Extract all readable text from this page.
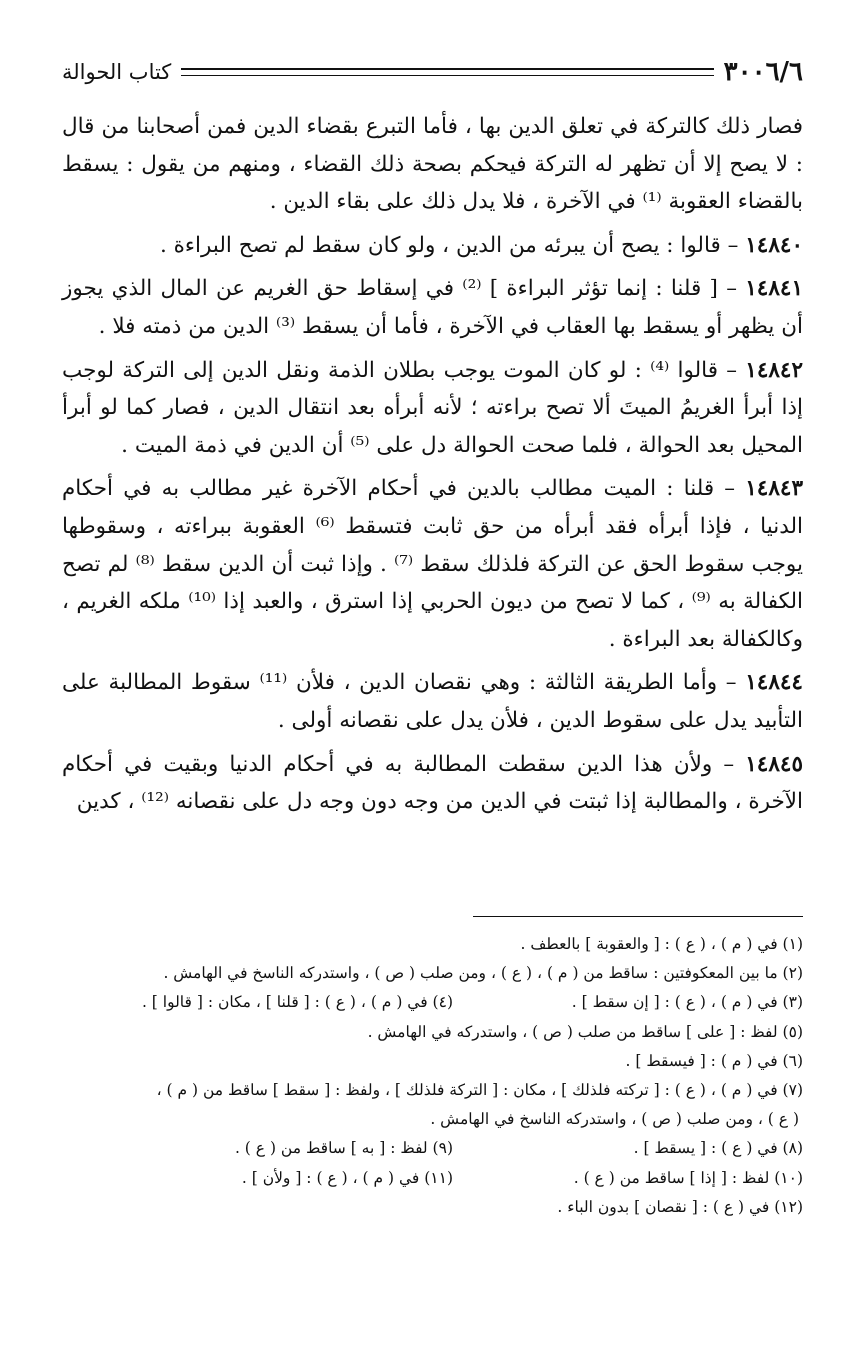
٣٠٠٦/٦
كتاب الحوالة

فصار ذلك كالتركة في تعلق الدين بها ، فأما التبرع بقضاء الدين فمن أصحابنا من قال : لا يصح إلا أن تظهر له التركة فيحكم بصحة ذلك القضاء ، ومنهم من يقول : يسقط بالقضاء العقوبة ⁽¹⁾ في الآخرة ، فلا يدل ذلك على بقاء الدين .

١٤٨٤٠ – قالوا : يصح أن يبرئه من الدين ، ولو كان سقط لم تصح البراءة .

١٤٨٤١ – [ قلنا : إنما تؤثر البراءة ] ⁽²⁾ في إسقاط حق الغريم عن المال الذي يجوز أن يظهر أو يسقط بها العقاب في الآخرة ، فأما أن يسقط ⁽³⁾ الدين من ذمته فلا .

١٤٨٤٢ – قالوا ⁽⁴⁾ : لو كان الموت يوجب بطلان الذمة ونقل الدين إلى التركة لوجب إذا أبرأ الغريمُ الميتَ ألا تصح براءته ؛ لأنه أبرأه بعد انتقال الدين ، فصار كما لو أبرأ المحيل بعد الحوالة ، فلما صحت الحوالة دل على ⁽⁵⁾ أن الدين في ذمة الميت .

١٤٨٤٣ – قلنا : الميت مطالب بالدين في أحكام الآخرة غير مطالب به في أحكام الدنيا ، فإذا أبرأه فقد أبرأه من حق ثابت فتسقط ⁽⁶⁾ العقوبة ببراءته ، وسقوطها يوجب سقوط الحق عن التركة فلذلك سقط ⁽⁷⁾ . وإذا ثبت أن الدين سقط ⁽⁸⁾ لم تصح الكفالة به ⁽⁹⁾ ، كما لا تصح من ديون الحربي إذا استرق ، والعبد إذا ⁽¹⁰⁾ ملكه الغريم ، وكالكفالة بعد البراءة .

١٤٨٤٤ – وأما الطريقة الثالثة : وهي نقصان الدين ، فلأن ⁽¹¹⁾ سقوط المطالبة على التأبيد يدل على سقوط الدين ، فلأن يدل على نقصانه أولى .

١٤٨٤٥ – ولأن هذا الدين سقطت المطالبة به في أحكام الدنيا وبقيت في أحكام الآخرة ، والمطالبة إذا ثبتت في الدين من وجه دون وجه دل على نقصانه ⁽¹²⁾ ، كدين

(١) في ( م ) ، ( ع ) : [ والعقوبة ] بالعطف .

(٢) ما بين المعكوفتين : ساقط من ( م ) ، ( ع ) ، ومن صلب ( ص ) ، واستدركه الناسخ في الهامش .

(٣) في ( م ) ، ( ع ) : [ إن سقط ] .
(٤) في ( م ) ، ( ع ) : [ قلنا ] ، مكان : [ قالوا ] .

(٥) لفظ : [ على ] ساقط من صلب ( ص ) ، واستدركه في الهامش .

(٦) في ( م ) : [ فيسقط ] .

(٧) في ( م ) ، ( ع ) : [ تركته فلذلك ] ، مكان : [ التركة فلذلك ] ، ولفظ : [ سقط ] ساقط من ( م ) ،

( ع ) ، ومن صلب ( ص ) ، واستدركه الناسخ في الهامش .

(٨) في ( ع ) : [ يسقط ] .
(٩) لفظ : [ به ] ساقط من ( ع ) .
(١٠) لفظ : [ إذا ] ساقط من ( ع ) .
(١١) في ( م ) ، ( ع ) : [ ولأن ] .

(١٢) في ( ع ) : [ نقصان ] بدون الباء .
